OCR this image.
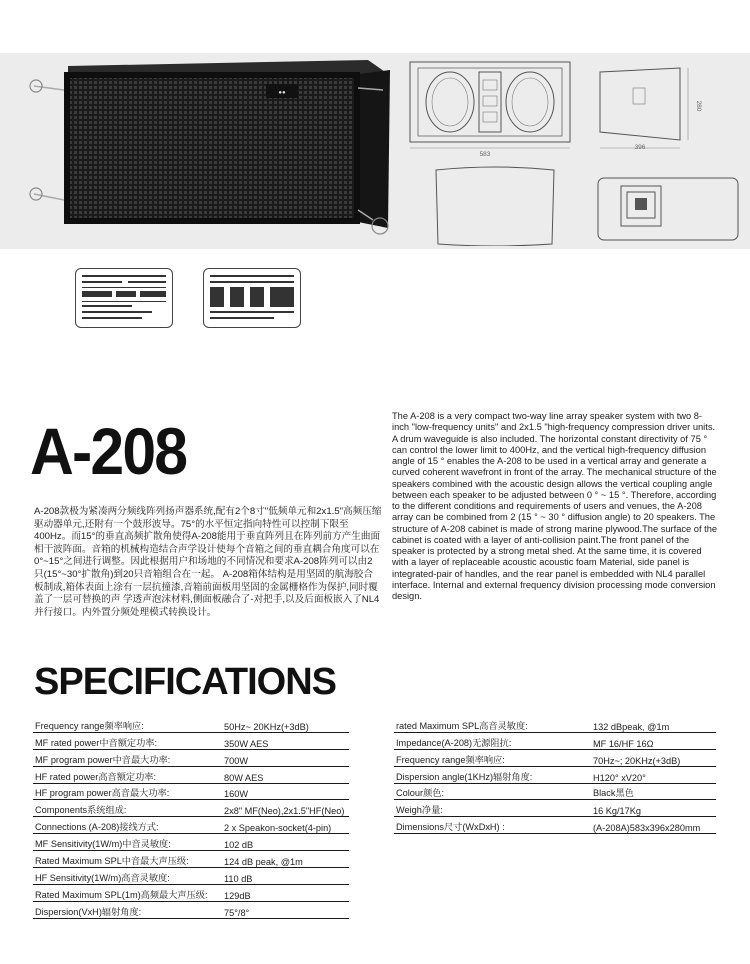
●●
583
280
396
A-208

A-208款极为紧凑两分频线阵列扬声器系统,配有2个8寸"低频单元和2x1.5"高频压缩驱动器单元,还附有一个鼓形波导。75°的水平恒定指向特性可以控制下限至400Hz。而15°的垂直高频扩散角使得A-208能用于垂直阵列且在阵列前方产生曲面相干波阵面。音箱的机械构造结合声学设计使每个音箱之间的垂直耦合角度可以在0°~15°之间进行调整。因此根据用户和场地的不同情况和要求A-208阵列可以由2只(15°~30°扩散角)到20只音箱组合在一起。 A-208箱体结构是用坚固的航海胶合板制成,箱体表面上涂有一层抗撞漆,音箱前面板用坚固的金属栅格作为保护,同时覆盖了一层可替换的声 学透声泡沫材料,侧面板融合了-对把手,以及后面板嵌入了NL4并行接口。内外置分频处理模式转换设计。

The A-208 is a very compact two-way line array speaker system with two 8-inch "low-frequency units" and 2x1.5 "high-frequency compression driver units. A drum waveguide is also included. The horizontal constant directivity of 75 ° can control the lower limit to 400Hz, and the vertical high-frequency diffusion angle of 15 ° enables the A-208 to be used in a vertical array and generate a curved coherent wavefront in front of the array. The mechanical structure of the speakers combined with the acoustic design allows the vertical coupling angle between each speaker to be adjusted between 0 ° ~ 15 °. Therefore, according to the different conditions and requirements of users and venues, the A-208 array can be combined from 2 (15 ° ~ 30 ° diffusion angle) to 20 speakers. The structure of A-208 cabinet is made of strong marine plywood.The surface of the cabinet is coated with a layer of anti-collision paint.The front panel of the speaker is protected by a strong metal shed. At the same time, it is covered with a layer of replaceable acoustic acoustic foam Material, side panel is integrated-pair of handles, and the rear panel is embedded with NL4 parallel interface. Internal and external frequency division processing mode conversion design.

SPECIFICATIONS
Frequency range频率响应:	50Hz~ 20KHz(+3dB)
MF rated power中音额定功率:	350W AES
MF program power中音最大功率:	700W
HF rated power高音额定功率:	80W AES
HF program power高音最大功率:	160W
Components系统组成:	2x8" MF(Neo),2x1.5"HF(Neo)
Connections (A-208)接线方式:	2 x Speakon-socket(4-pin)
MF Sensitivity(1W/m)中音灵敏度:	102 dB
Rated Maximum SPL中音最大声压级:	124 dB peak, @1m
HF Sensitivity(1W/m)高音灵敏度:	110 dB
Rated Maximum SPL(1m)高频最大声压级:	129dB
Dispersion(VxH)辐射角度:	75°/8°
rated Maximum SPL高音灵敏度:	132 dBpeak, @1m
Impedance(A-208)无源阻抗:	MF 16/HF 16Ω
Frequency range频率响应:	70Hz~; 20KHz(+3dB)
Dispersion angle(1KHz)辐射角度:	H120° xV20°
Colour颜色:	Black黑色
Weigh净量:	16 Kg/17Kg
Dimensions尺寸(WxDxH) :	(A-208A)583x396x280mm
